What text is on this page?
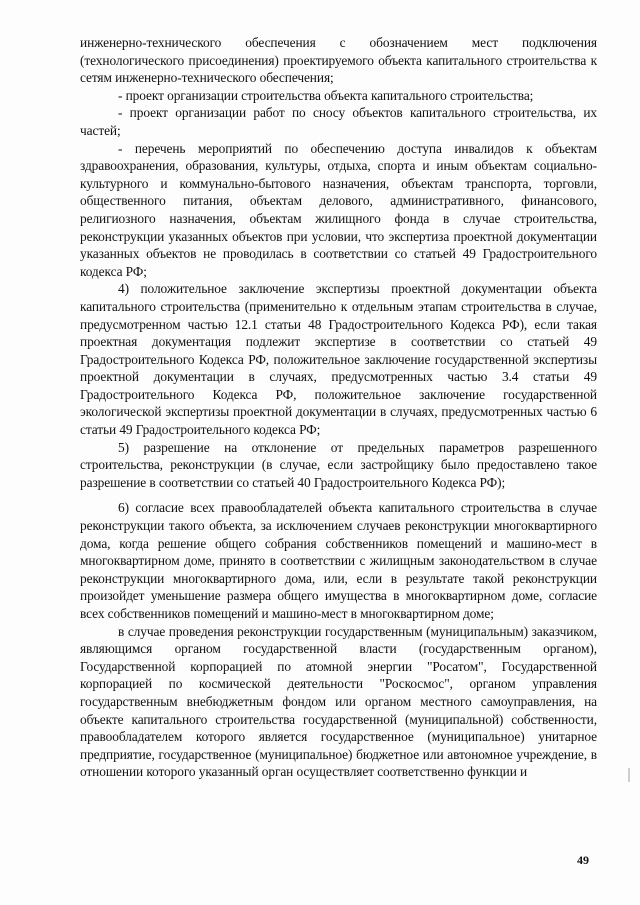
инженерно-технического обеспечения с обозначением мест подключения (технологического присоединения) проектируемого объекта капитального строительства к сетям инженерно-технического обеспечения;

- проект организации строительства объекта капитального строительства;

- проект организации работ по сносу объектов капитального строительства, их частей;

- перечень мероприятий по обеспечению доступа инвалидов к объектам здравоохранения, образования, культуры, отдыха, спорта и иным объектам социально-культурного и коммунально-бытового назначения, объектам транспорта, торговли, общественного питания, объектам делового, административного, финансового, религиозного назначения, объектам жилищного фонда в случае строительства, реконструкции указанных объектов при условии, что экспертиза проектной документации указанных объектов не проводилась в соответствии со статьей 49 Градостроительного кодекса РФ;

4) положительное заключение экспертизы проектной документации объекта капитального строительства (применительно к отдельным этапам строительства в случае, предусмотренном частью 12.1 статьи 48 Градостроительного Кодекса РФ), если такая проектная документация подлежит экспертизе в соответствии со статьей 49 Градостроительного Кодекса РФ, положительное заключение государственной экспертизы проектной документации в случаях, предусмотренных частью 3.4 статьи 49 Градостроительного Кодекса РФ, положительное заключение государственной экологической экспертизы проектной документации в случаях, предусмотренных частью 6 статьи 49 Градостроительного кодекса РФ;

5) разрешение на отклонение от предельных параметров разрешенного строительства, реконструкции (в случае, если застройщику было предоставлено такое разрешение в соответствии со статьей 40 Градостроительного Кодекса РФ);

6) согласие всех правообладателей объекта капитального строительства в случае реконструкции такого объекта, за исключением случаев реконструкции многоквартирного дома, когда решение общего собрания собственников помещений и машино-мест в многоквартирном доме, принято в соответствии с жилищным законодательством в случае реконструкции многоквартирного дома, или, если в результате такой реконструкции произойдет уменьшение размера общего имущества в многоквартирном доме, согласие всех собственников помещений и машино-мест в многоквартирном доме;

в случае проведения реконструкции государственным (муниципальным) заказчиком, являющимся органом государственной власти (государственным органом), Государственной корпорацией по атомной энергии "Росатом", Государственной корпорацией по космической деятельности "Роскосмос", органом управления государственным внебюджетным фондом или органом местного самоуправления, на объекте капитального строительства государственной (муниципальной) собственности, правообладателем которого является государственное (муниципальное) унитарное предприятие, государственное (муниципальное) бюджетное или автономное учреждение, в отношении которого указанный орган осуществляет соответственно функции и

49
